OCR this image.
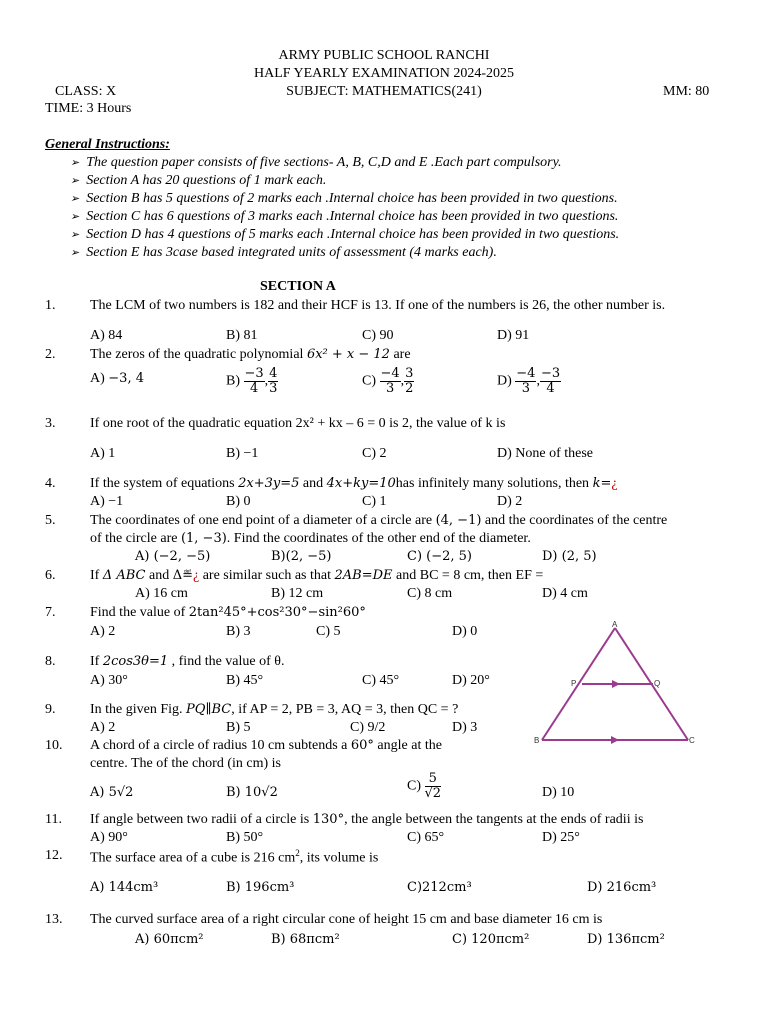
ARMY PUBLIC SCHOOL RANCHI
HALF YEARLY EXAMINATION 2024-2025
CLASS: X	SUBJECT: MATHEMATICS(241)	MM: 80
TIME: 3 Hours
General Instructions:
➢ The question paper consists of five sections- A, B, C,D and E .Each part compulsory.
➢ Section A has 20 questions of 1 mark each.
➢ Section B has 5 questions of 2 marks each .Internal choice has been provided in two questions.
➢ Section C has 6 questions of 3 marks each .Internal choice has been provided in two questions.
➢ Section D has 4 questions of 5 marks each .Internal choice has been provided in two questions.
➢ Section E has 3case based integrated units of assessment (4 marks each).
SECTION A
1. The LCM of two numbers is 182 and their HCF is 13. If one of the numbers is 26, the other number is.
A) 84	B) 81	C) 90	D) 91
2. The zeros of the quadratic polynomial 6x² + x − 12 are
A) −3, 4	$B) \frac{-3}{4}$ , $\frac{4}{3}$	$C) \frac{-4}{3}$ , $\frac{3}{2}$	$D) \frac{-4}{3}$ , $\frac{-3}{4}$
3. If one root of the quadratic equation 2x² + kx – 6 = 0 is 2, the value of k is
A) 1	B) −1	C) 2	D) None of these
4. If the system of equations 2x+3y=5 and 4x+ky=10has infinitely many solutions, then k=¿
A) −1	B) 0	C) 1	D) 2
5. The coordinates of one end point of a diameter of a circle are (4, −1) and the coordinates of the centre
of the circle are (1, −3). Find the coordinates of the other end of the diameter.
A) (−2, −5)	B)(2, −5)	C) (−2, 5)	D) (2, 5)
6. If Δ ABC and Δ≝¿ are similar such as that 2AB=DE and BC = 8 cm, then EF =
A) 16 cm	B) 12 cm	C) 8 cm	D) 4 cm
7. Find the value of 2tan²45°+cos²30°−sin²60°
A) 2	B) 3	C) 5	D) 0	A
P	Q
B	C
8. If 2cos3θ=1 , find the value of θ.
A) 30°	B) 45°	C) 45°	D) 20°
9. In the given Fig. PQ∥BC, if AP = 2, PB = 3, AQ = 3, then QC = ?
A) 2	B) 5	C) 9/2	D) 3
10. A chord of a circle of radius 10 cm subtends a 60° angle at the
centre. The of the chord (in cm) is
A) 5√2	B) 10√2	$C) \frac{5}{√2}$	D) 10
11. If angle between two radii of a circle is 130°, the angle between the tangents at the ends of radii is
A) 90°	B) 50°	C) 65°	D) 25°
12. The surface area of a cube is 216 $cm^2$, its volume is
A) 144cm³	B) 196cm³	C)212cm³	D) 216cm³
13. The curved surface area of a right circular cone of height 15 cm and base diameter 16 cm is
A) 60πcm²	B) 68πcm²	C) 120πcm²	D) 136πcm²
